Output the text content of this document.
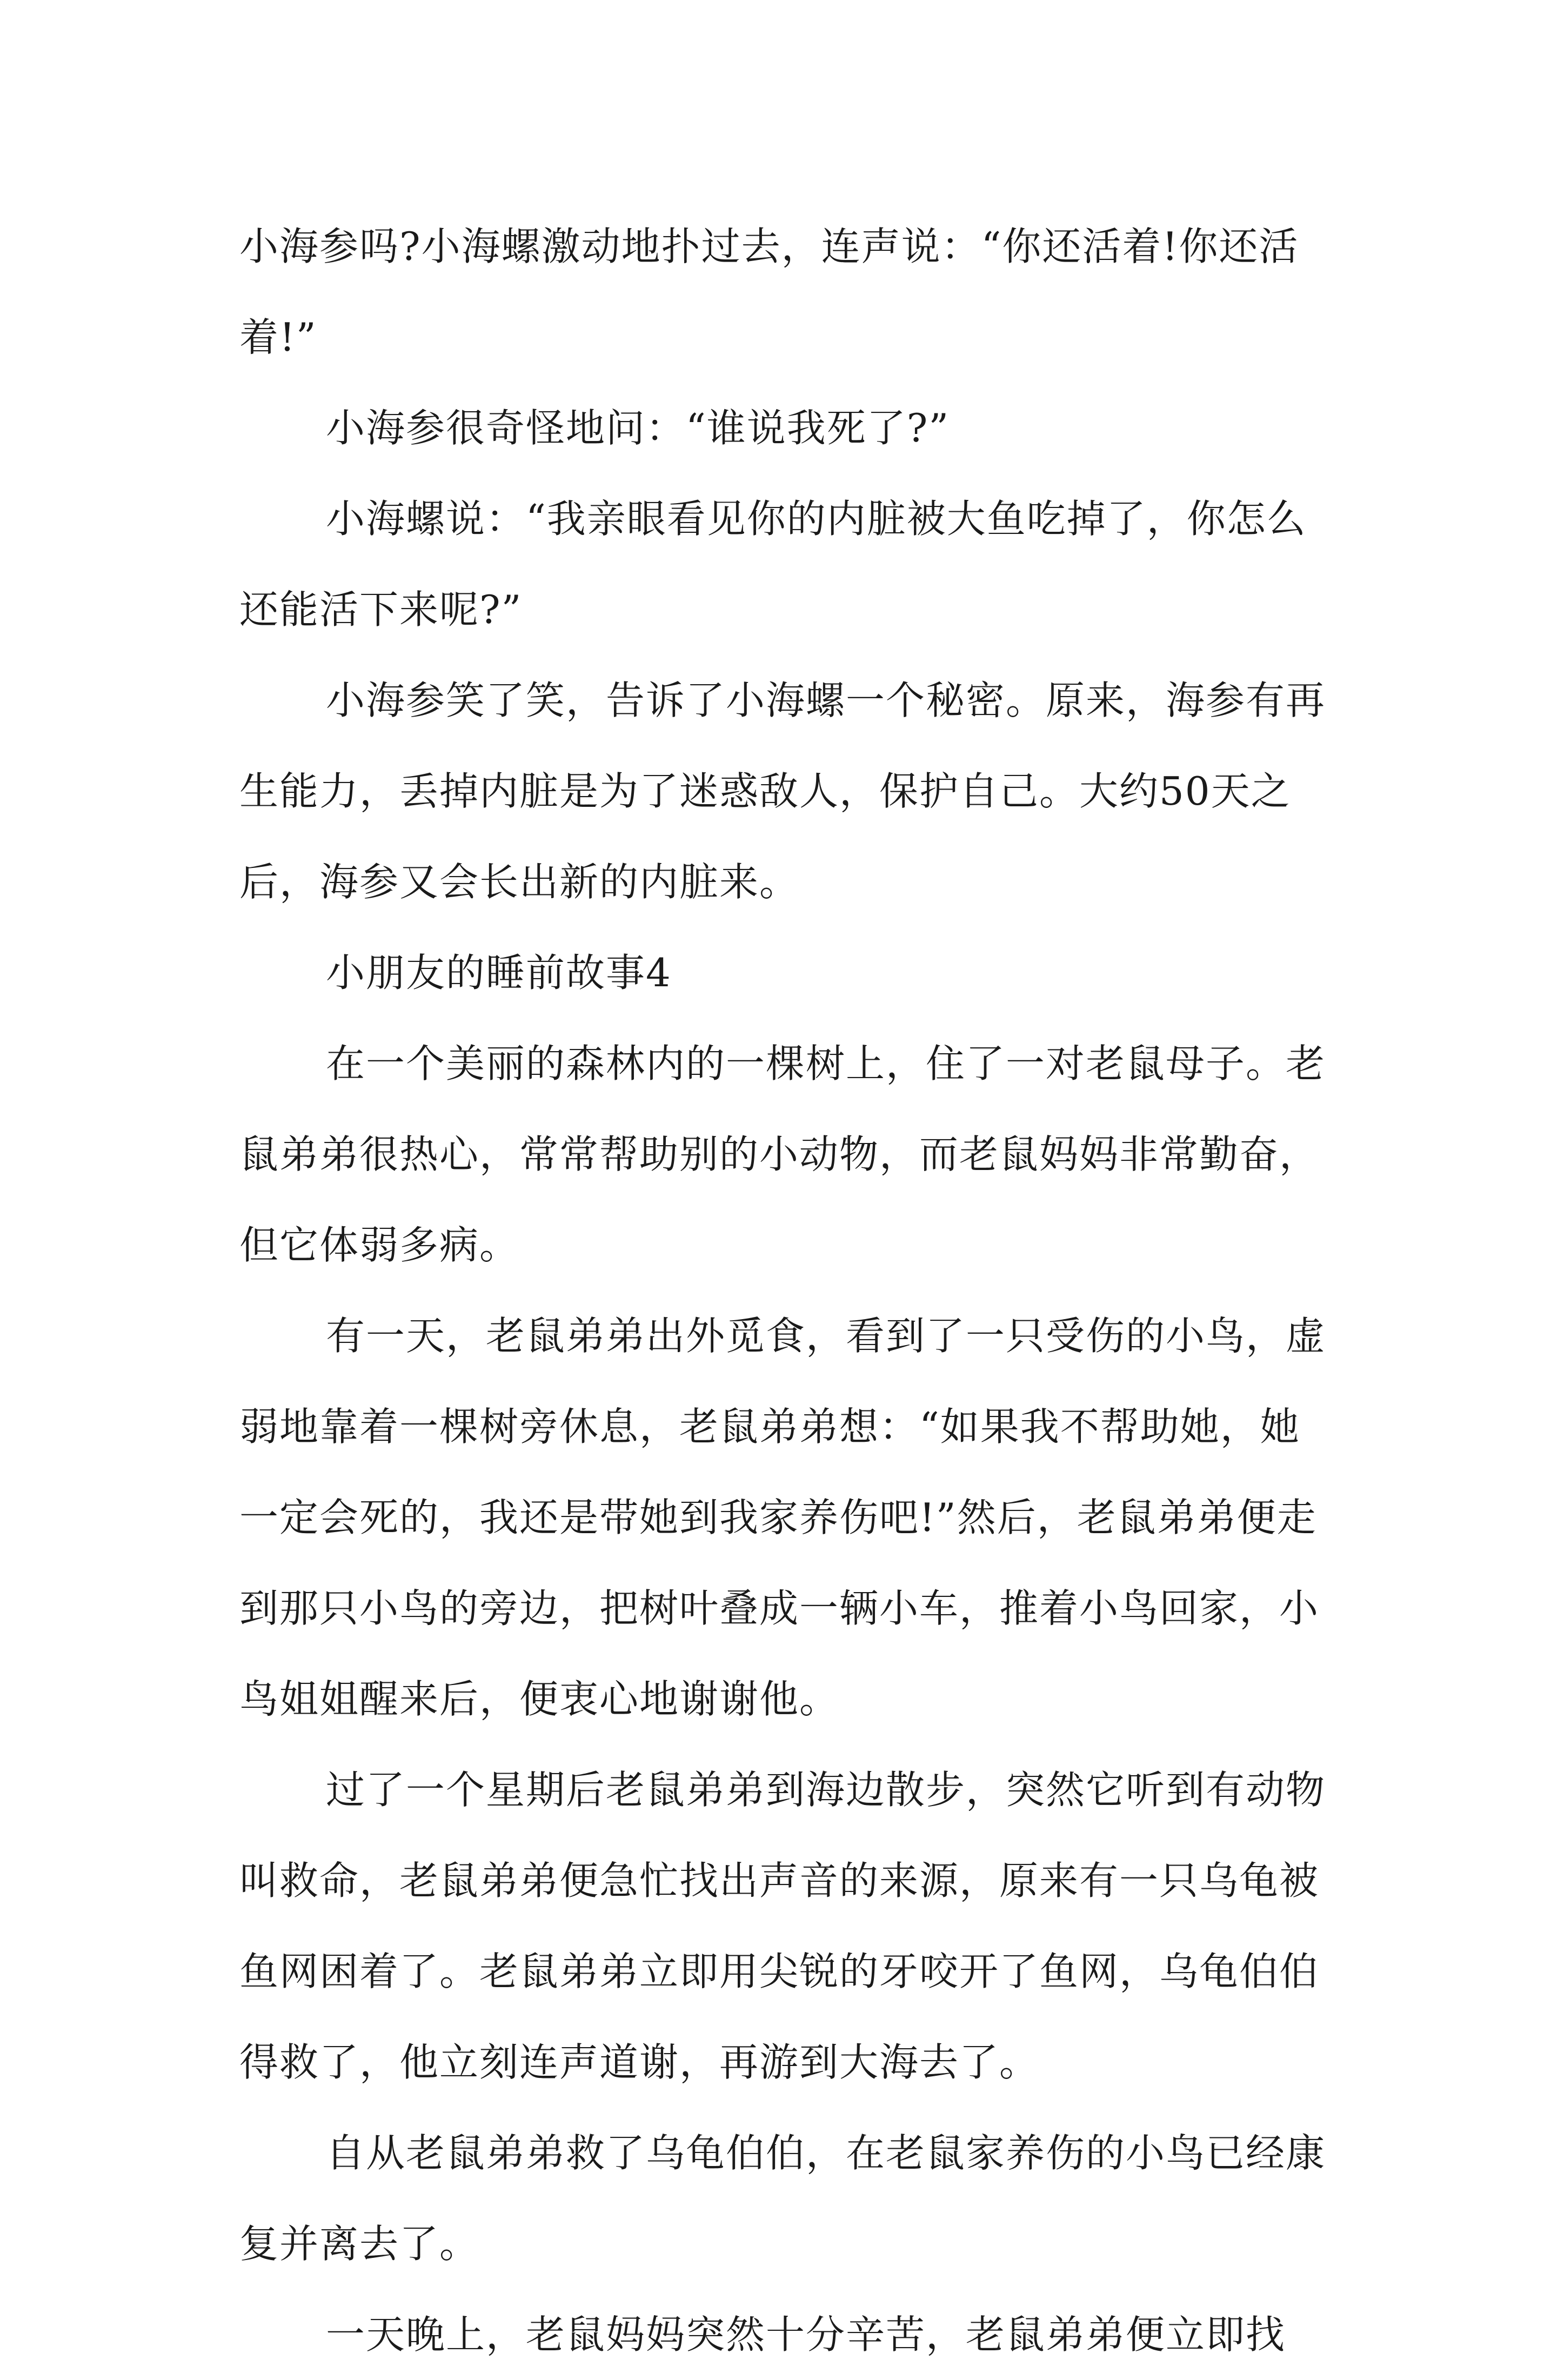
小海参吗?小海螺激动地扑过去，连声说：“你还活着!你还活着!”

小海参很奇怪地问：“谁说我死了?”

小海螺说：“我亲眼看见你的内脏被大鱼吃掉了，你怎么还能活下来呢?”

小海参笑了笑，告诉了小海螺一个秘密。原来，海参有再生能力，丢掉内脏是为了迷惑敌人，保护自己。大约50天之后，海参又会长出新的内脏来。

小朋友的睡前故事4

在一个美丽的森林内的一棵树上，住了一对老鼠母子。老鼠弟弟很热心，常常帮助别的小动物，而老鼠妈妈非常勤奋，但它体弱多病。

有一天，老鼠弟弟出外觅食，看到了一只受伤的小鸟，虚弱地靠着一棵树旁休息，老鼠弟弟想：“如果我不帮助她，她一定会死的，我还是带她到我家养伤吧!”然后，老鼠弟弟便走到那只小鸟的旁边，把树叶叠成一辆小车，推着小鸟回家，小鸟姐姐醒来后，便衷心地谢谢他。

过了一个星期后老鼠弟弟到海边散步，突然它听到有动物叫救命，老鼠弟弟便急忙找出声音的来源，原来有一只乌龟被鱼网困着了。老鼠弟弟立即用尖锐的牙咬开了鱼网，乌龟伯伯得救了，他立刻连声道谢，再游到大海去了。

自从老鼠弟弟救了乌龟伯伯，在老鼠家养伤的小鸟已经康复并离去了。

一天晚上，老鼠妈妈突然十分辛苦，老鼠弟弟便立即找
